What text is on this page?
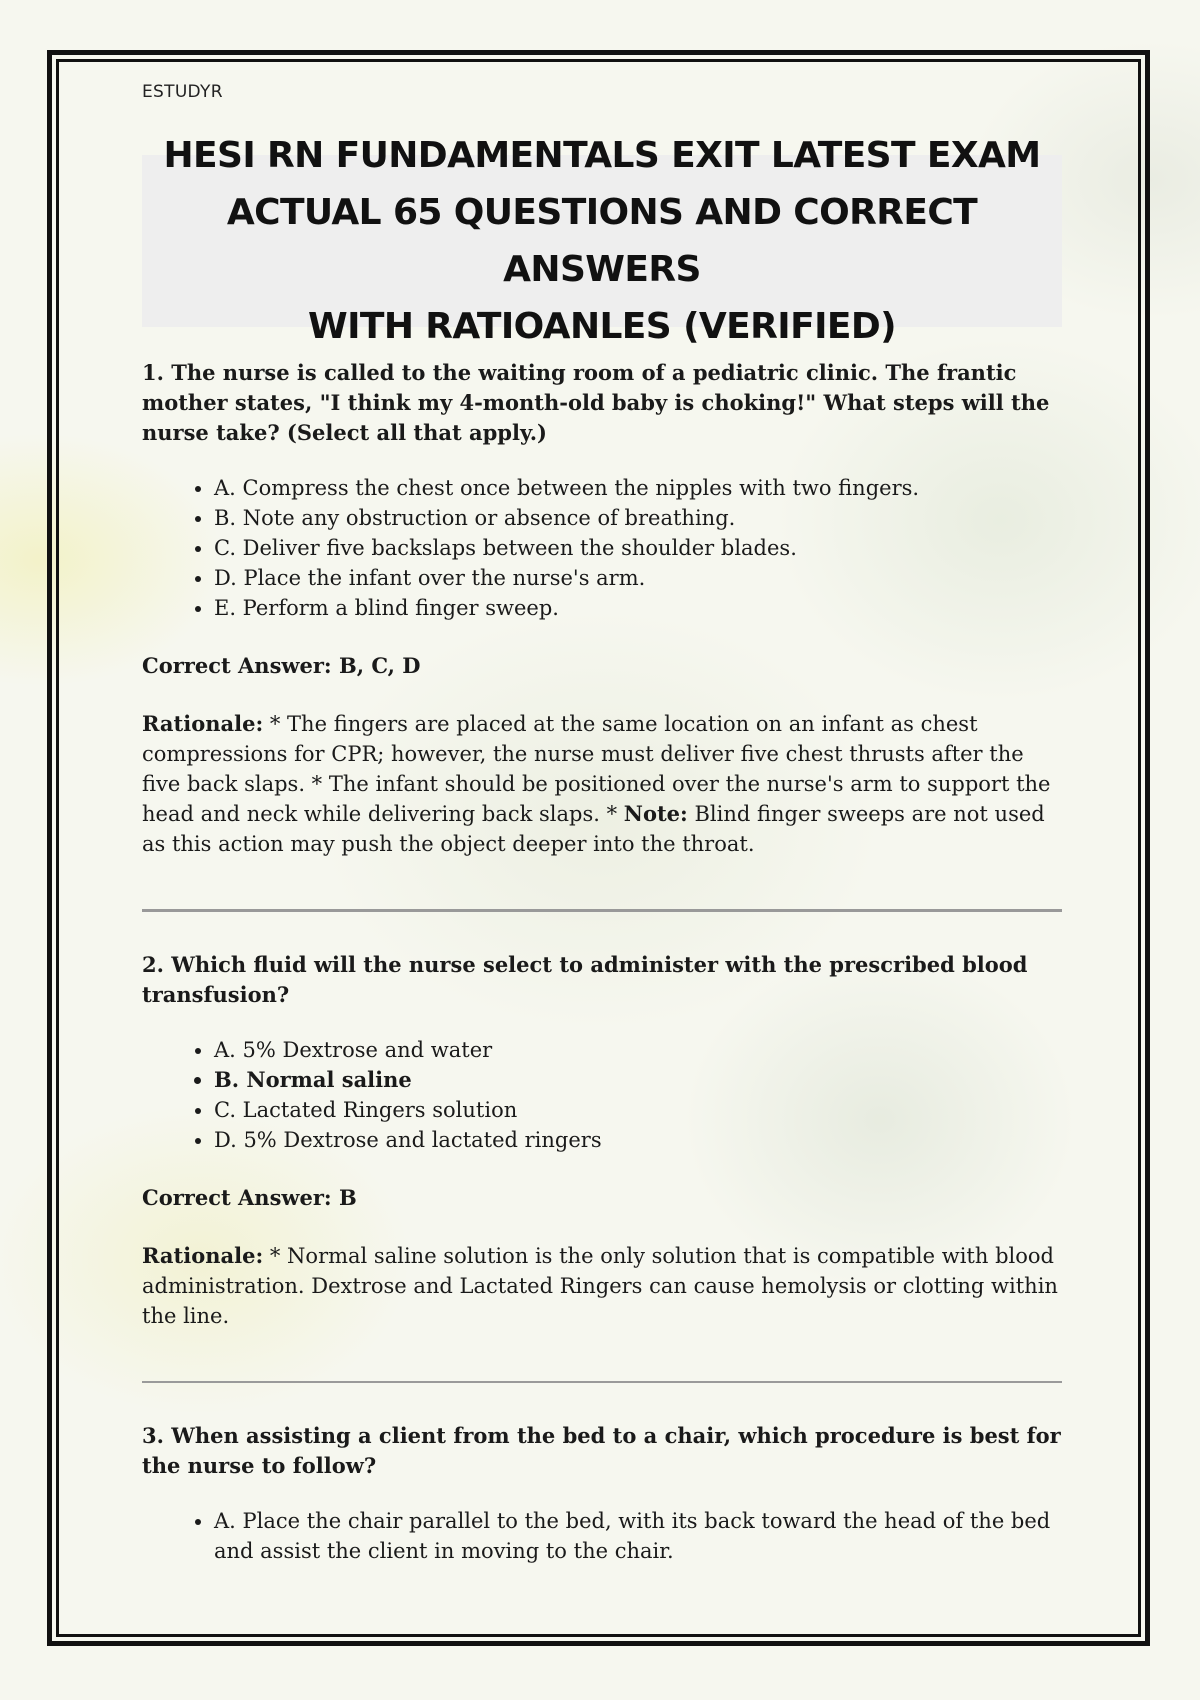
ESTUDYR
HESI RN FUNDAMENTALS EXIT LATEST EXAM
ACTUAL 65 QUESTIONS AND CORRECT ANSWERS
WITH RATIOANLES (VERIFIED)

1. The nurse is called to the waiting room of a pediatric clinic. The frantic mother states, "I think my 4-month-old baby is choking!" What steps will the nurse take? (Select all that apply.)

• A. Compress the chest once between the nipples with two fingers.
• B. Note any obstruction or absence of breathing.
• C. Deliver five backslaps between the shoulder blades.
• D. Place the infant over the nurse's arm.
• E. Perform a blind finger sweep.

Correct Answer: B, C, D

Rationale: * The fingers are placed at the same location on an infant as chest compressions for CPR; however, the nurse must deliver five chest thrusts after the five back slaps. * The infant should be positioned over the nurse's arm to support the head and neck while delivering back slaps. * Note: Blind finger sweeps are not used as this action may push the object deeper into the throat.

2. Which fluid will the nurse select to administer with the prescribed blood transfusion?

• A. 5% Dextrose and water
• B. Normal saline
• C. Lactated Ringers solution
• D. 5% Dextrose and lactated ringers

Correct Answer: B

Rationale: * Normal saline solution is the only solution that is compatible with blood administration. Dextrose and Lactated Ringers can cause hemolysis or clotting within the line.

3. When assisting a client from the bed to a chair, which procedure is best for the nurse to follow?

• A. Place the chair parallel to the bed, with its back toward the head of the bed and assist the client in moving to the chair.
